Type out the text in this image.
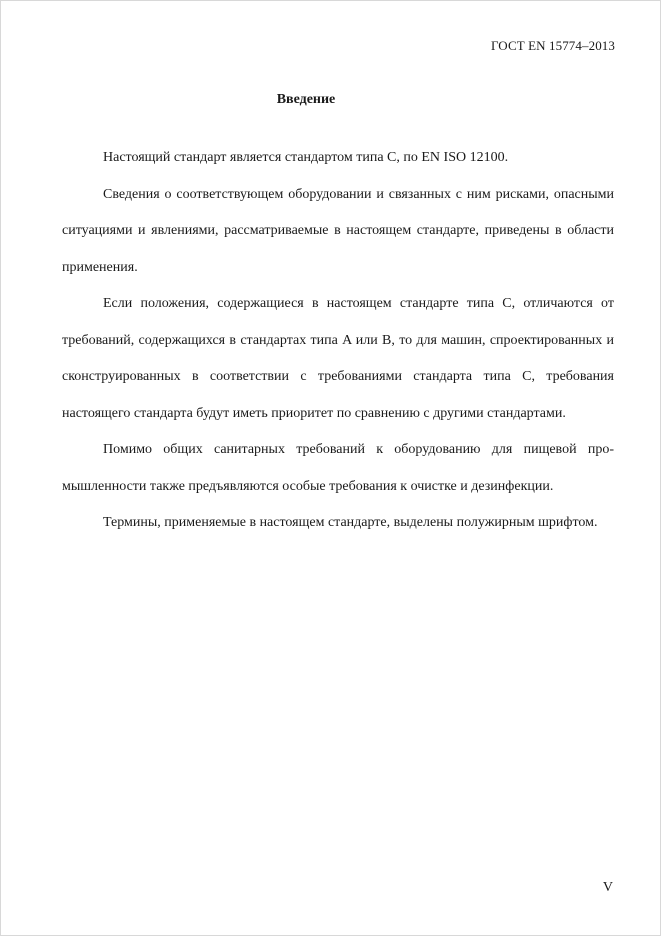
ГОСТ EN 15774–2013
Введение

Настоящий стандарт является стандартом типа C, по EN ISO 12100.

Сведения о соответствующем оборудовании и связанных с ним рисками, опасными ситуациями и явлениями, рассматриваемые в настоящем стандарте, приведены в области применения.

Если положения, содержащиеся в настоящем стандарте типа C, отличаются от требований, содержащихся в стандартах типа A или B, то для машин, спроектированных и сконструированных в соответствии с требованиями стандарта типа C, требования настоящего стандарта будут иметь приоритет по сравнению с другими стандартами.

Помимо общих санитарных требований к оборудованию для пищевой промышленности также предъявляются особые требования к очистке и дезинфекции.

Термины, применяемые в настоящем стандарте, выделены полужирным шрифтом.

V
